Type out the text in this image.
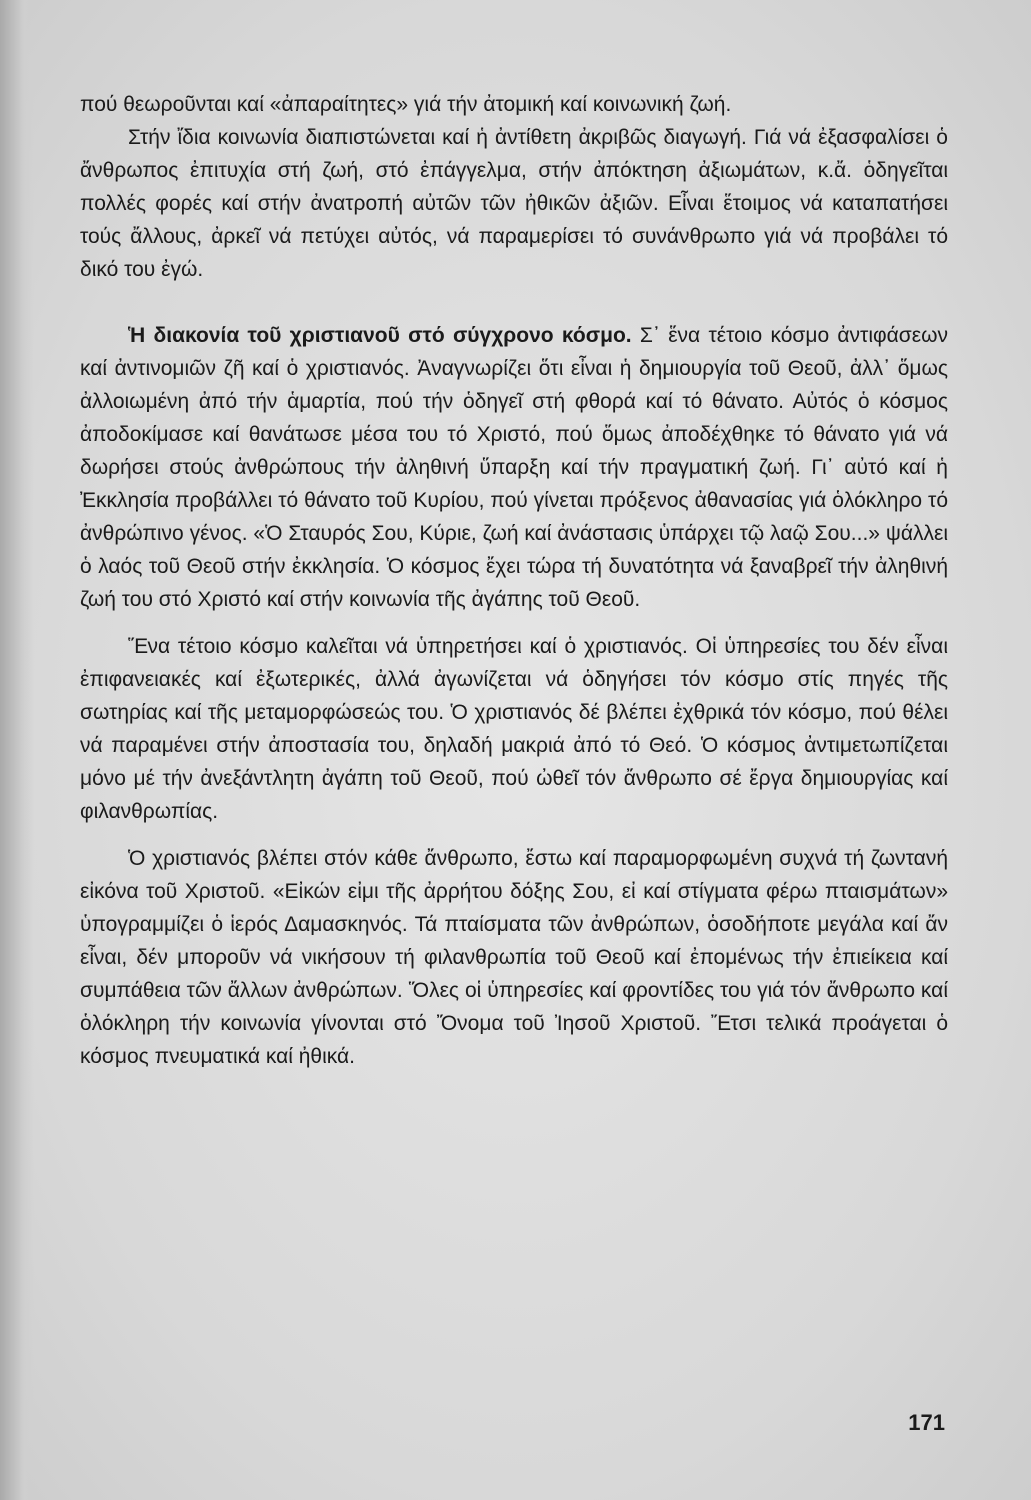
πού θεωροῦνται καί «ἀπαραίτητες» γιά τήν ἀτομική καί κοινωνική ζωή.

Στήν ἴδια κοινωνία διαπιστώνεται καί ἡ ἀντίθετη ἀκριβῶς διαγωγή. Γιά νά ἐξασφαλίσει ὁ ἄνθρωπος ἐπιτυχία στή ζωή, στό ἐπάγγελμα, στήν ἀπόκτηση ἀξιωμάτων, κ.ἄ. ὁδηγεῖται πολλές φορές καί στήν ἀνατροπή αὐτῶν τῶν ἠθικῶν ἀξιῶν. Εἶναι ἕτοιμος νά καταπατήσει τούς ἄλλους, ἀρκεῖ νά πετύχει αὐτός, νά παραμερίσει τό συνάνθρωπο γιά νά προβάλει τό δικό του ἐγώ.

Ἡ διακονία τοῦ χριστιανοῦ στό σύγχρονο κόσμο. Σ᾽ ἕνα τέτοιο κόσμο ἀντιφάσεων καί ἀντινομιῶν ζῆ καί ὁ χριστιανός. Ἀναγνωρίζει ὅτι εἶναι ἡ δημιουργία τοῦ Θεοῦ, ἀλλ᾽ ὅμως ἀλλοιωμένη ἀπό τήν ἁμαρτία, πού τήν ὁδηγεῖ στή φθορά καί τό θάνατο. Αὐτός ὁ κόσμος ἀποδοκίμασε καί θανάτωσε μέσα του τό Χριστό, πού ὅμως ἀποδέχθηκε τό θάνατο γιά νά δωρήσει στούς ἀνθρώπους τήν ἀληθινή ὕπαρξη καί τήν πραγματική ζωή. Γι᾽ αὐτό καί ἡ Ἐκκλησία προβάλλει τό θάνατο τοῦ Κυρίου, πού γίνεται πρόξενος ἀθανασίας γιά ὁλόκληρο τό ἀνθρώπινο γένος. «Ὁ Σταυρός Σου, Κύριε, ζωή καί ἀνάστασις ὑπάρχει τῷ λαῷ Σου...» ψάλλει ὁ λαός τοῦ Θεοῦ στήν ἐκκλησία. Ὁ κόσμος ἔχει τώρα τή δυνατότητα νά ξαναβρεῖ τήν ἀληθινή ζωή του στό Χριστό καί στήν κοινωνία τῆς ἀγάπης τοῦ Θεοῦ.

Ἕνα τέτοιο κόσμο καλεῖται νά ὑπηρετήσει καί ὁ χριστιανός. Οἱ ὑπηρεσίες του δέν εἶναι ἐπιφανειακές καί ἐξωτερικές, ἀλλά ἀγωνίζεται νά ὁδηγήσει τόν κόσμο στίς πηγές τῆς σωτηρίας καί τῆς μεταμορφώσεώς του. Ὁ χριστιανός δέ βλέπει ἐχθρικά τόν κόσμο, πού θέλει νά παραμένει στήν ἀποστασία του, δηλαδή μακριά ἀπό τό Θεό. Ὁ κόσμος ἀντιμετωπίζεται μόνο μέ τήν ἀνεξάντλητη ἀγάπη τοῦ Θεοῦ, πού ὠθεῖ τόν ἄνθρωπο σέ ἔργα δημιουργίας καί φιλανθρωπίας.

Ὁ χριστιανός βλέπει στόν κάθε ἄνθρωπο, ἔστω καί παραμορφωμένη συχνά τή ζωντανή εἰκόνα τοῦ Χριστοῦ. «Εἰκών εἰμι τῆς ἀρρήτου δόξης Σου, εἰ καί στίγματα φέρω πταισμάτων» ὑπογραμμίζει ὁ ἱερός Δαμασκηνός. Τά πταίσματα τῶν ἀνθρώπων, ὁσοδήποτε μεγάλα καί ἄν εἶναι, δέν μποροῦν νά νικήσουν τή φιλανθρωπία τοῦ Θεοῦ καί ἐπομένως τήν ἐπιείκεια καί συμπάθεια τῶν ἄλλων ἀνθρώπων. Ὅλες οἱ ὑπηρεσίες καί φροντίδες του γιά τόν ἄνθρωπο καί ὁλόκληρη τήν κοινωνία γίνονται στό Ὄνομα τοῦ Ἰησοῦ Χριστοῦ. Ἔτσι τελικά προάγεται ὁ κόσμος πνευματικά καί ἠθικά.

171
